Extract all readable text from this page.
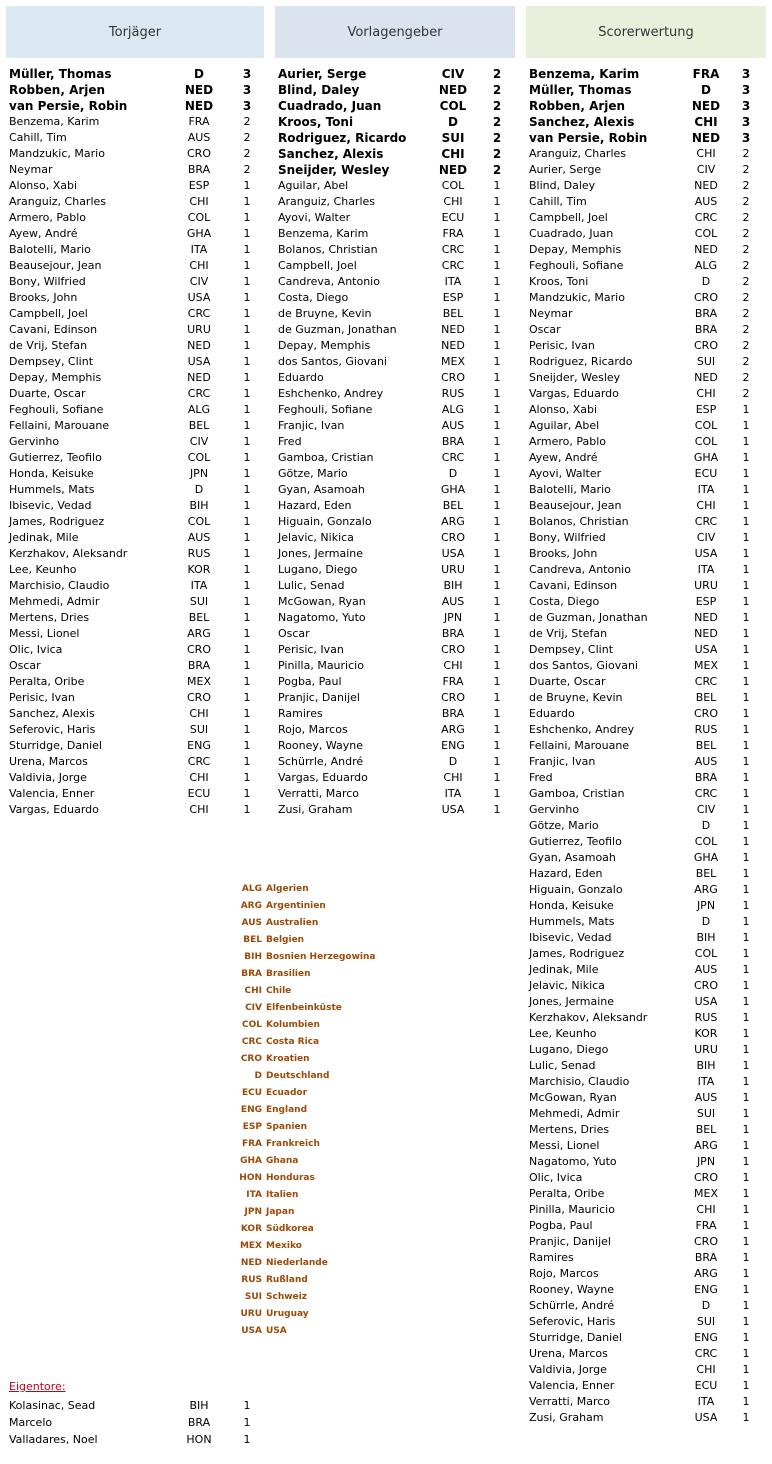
Torjäger	Vorlagengeber	Scorerwertung
Müller, Thomas	D	3
Robben, Arjen	NED	3
van Persie, Robin	NED	3
Benzema, Karim	FRA	2
Cahill, Tim	AUS	2
Mandzukic, Mario	CRO	2
Neymar	BRA	2
Alonso, Xabi	ESP	1
Aranguiz, Charles	CHI	1
Armero, Pablo	COL	1
Ayew, André	GHA	1
Balotelli, Mario	ITA	1
Beausejour, Jean	CHI	1
Bony, Wilfried	CIV	1
Brooks, John	USA	1
Campbell, Joel	CRC	1
Cavani, Edinson	URU	1
de Vrij, Stefan	NED	1
Dempsey, Clint	USA	1
Depay, Memphis	NED	1
Duarte, Oscar	CRC	1
Feghouli, Sofiane	ALG	1
Fellaini, Marouane	BEL	1
Gervinho	CIV	1
Gutierrez, Teofilo	COL	1
Honda, Keisuke	JPN	1
Hummels, Mats	D	1
Ibisevic, Vedad	BIH	1
James, Rodriguez	COL	1
Jedinak, Mile	AUS	1
Kerzhakov, Aleksandr	RUS	1
Lee, Keunho	KOR	1
Marchisio, Claudio	ITA	1
Mehmedi, Admir	SUI	1
Mertens, Dries	BEL	1
Messi, Lionel	ARG	1
Olic, Ivica	CRO	1
Oscar	BRA	1
Peralta, Oribe	MEX	1
Perisic, Ivan	CRO	1
Sanchez, Alexis	CHI	1
Seferovic, Haris	SUI	1
Sturridge, Daniel	ENG	1
Urena, Marcos	CRC	1
Valdivia, Jorge	CHI	1
Valencia, Enner	ECU	1
Vargas, Eduardo	CHI	1
Aurier, Serge	CIV	2
Blind, Daley	NED	2
Cuadrado, Juan	COL	2
Kroos, Toni	D	2
Rodriguez, Ricardo	SUI	2
Sanchez, Alexis	CHI	2
Sneijder, Wesley	NED	2
Aguilar, Abel	COL	1
Aranguiz, Charles	CHI	1
Ayovi, Walter	ECU	1
Benzema, Karim	FRA	1
Bolanos, Christian	CRC	1
Campbell, Joel	CRC	1
Candreva, Antonio	ITA	1
Costa, Diego	ESP	1
de Bruyne, Kevin	BEL	1
de Guzman, Jonathan	NED	1
Depay, Memphis	NED	1
dos Santos, Giovani	MEX	1
Eduardo	CRO	1
Eshchenko, Andrey	RUS	1
Feghouli, Sofiane	ALG	1
Franjic, Ivan	AUS	1
Fred	BRA	1
Gamboa, Cristian	CRC	1
Götze, Mario	D	1
Gyan, Asamoah	GHA	1
Hazard, Eden	BEL	1
Higuain, Gonzalo	ARG	1
Jelavic, Nikica	CRO	1
Jones, Jermaine	USA	1
Lugano, Diego	URU	1
Lulic, Senad	BIH	1
McGowan, Ryan	AUS	1
Nagatomo, Yuto	JPN	1
Oscar	BRA	1
Perisic, Ivan	CRO	1
Pinilla, Mauricio	CHI	1
Pogba, Paul	FRA	1
Pranjic, Danijel	CRO	1
Ramires	BRA	1
Rojo, Marcos	ARG	1
Rooney, Wayne	ENG	1
Schürrle, André	D	1
Vargas, Eduardo	CHI	1
Verratti, Marco	ITA	1
Zusi, Graham	USA	1
Benzema, Karim	FRA	3
Müller, Thomas	D	3
Robben, Arjen	NED	3
Sanchez, Alexis	CHI	3
van Persie, Robin	NED	3
Aranguiz, Charles	CHI	2
Aurier, Serge	CIV	2
Blind, Daley	NED	2
Cahill, Tim	AUS	2
Campbell, Joel	CRC	2
Cuadrado, Juan	COL	2
Depay, Memphis	NED	2
Feghouli, Sofiane	ALG	2
Kroos, Toni	D	2
Mandzukic, Mario	CRO	2
Neymar	BRA	2
Oscar	BRA	2
Perisic, Ivan	CRO	2
Rodriguez, Ricardo	SUI	2
Sneijder, Wesley	NED	2
Vargas, Eduardo	CHI	2
Alonso, Xabi	ESP	1
Aguilar, Abel	COL	1
Armero, Pablo	COL	1
Ayew, André	GHA	1
Ayovi, Walter	ECU	1
Balotelli, Mario	ITA	1
Beausejour, Jean	CHI	1
Bolanos, Christian	CRC	1
Bony, Wilfried	CIV	1
Brooks, John	USA	1
Candreva, Antonio	ITA	1
Cavani, Edinson	URU	1
Costa, Diego	ESP	1
de Guzman, Jonathan	NED	1
de Vrij, Stefan	NED	1
Dempsey, Clint	USA	1
dos Santos, Giovani	MEX	1
Duarte, Oscar	CRC	1
de Bruyne, Kevin	BEL	1
Eduardo	CRO	1
Eshchenko, Andrey	RUS	1
Fellaini, Marouane	BEL	1
Franjic, Ivan	AUS	1
Fred	BRA	1
Gamboa, Cristian	CRC	1
Gervinho	CIV	1
Götze, Mario	D	1
Gutierrez, Teofilo	COL	1
Gyan, Asamoah	GHA	1
Hazard, Eden	BEL	1
Higuain, Gonzalo	ARG	1
Honda, Keisuke	JPN	1
Hummels, Mats	D	1
Ibisevic, Vedad	BIH	1
James, Rodriguez	COL	1
Jedinak, Mile	AUS	1
Jelavic, Nikica	CRO	1
Jones, Jermaine	USA	1
Kerzhakov, Aleksandr	RUS	1
Lee, Keunho	KOR	1
Lugano, Diego	URU	1
Lulic, Senad	BIH	1
Marchisio, Claudio	ITA	1
McGowan, Ryan	AUS	1
Mehmedi, Admir	SUI	1
Mertens, Dries	BEL	1
Messi, Lionel	ARG	1
Nagatomo, Yuto	JPN	1
Olic, Ivica	CRO	1
Peralta, Oribe	MEX	1
Pinilla, Mauricio	CHI	1
Pogba, Paul	FRA	1
Pranjic, Danijel	CRO	1
Ramires	BRA	1
Rojo, Marcos	ARG	1
Rooney, Wayne	ENG	1
Schürrle, André	D	1
Seferovic, Haris	SUI	1
Sturridge, Daniel	ENG	1
Urena, Marcos	CRC	1
Valdivia, Jorge	CHI	1
Valencia, Enner	ECU	1
Verratti, Marco	ITA	1
Zusi, Graham	USA	1
ALG Algerien
ARG Argentinien
AUS Australien
BEL Belgien
BIH Bosnien Herzegowina
BRA Brasilien
CHI Chile
CIV Elfenbeinküste
COL Kolumbien
CRC Costa Rica
CRO Kroatien
D Deutschland
ECU Ecuador
ENG England
ESP Spanien
FRA Frankreich
GHA Ghana
HON Honduras
ITA Italien
JPN Japan
KOR Südkorea
MEX Mexiko
NED Niederlande
RUS Rußland
SUI Schweiz
URU Uruguay
USA USA
Eigentore:
Kolasinac, Sead	BIH	1
Marcelo	BRA	1
Valladares, Noel	HON	1
